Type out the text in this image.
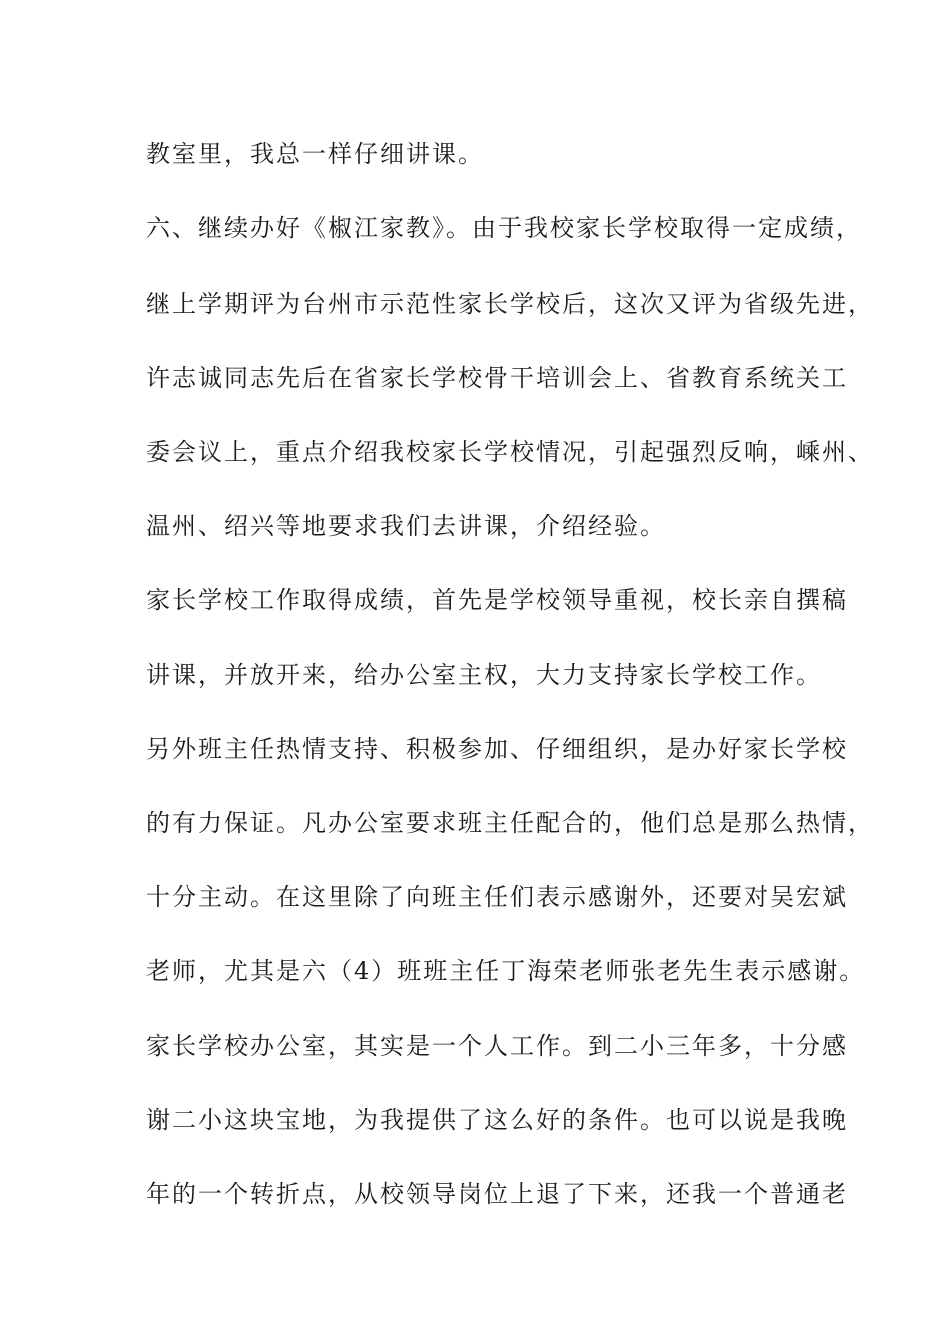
教室里，我总一样仔细讲课。
六、继续办好《椒江家教》。由于我校家长学校取得一定成绩，
继上学期评为台州市示范性家长学校后，这次又评为省级先进，
许志诚同志先后在省家长学校骨干培训会上、省教育系统关工
委会议上，重点介绍我校家长学校情况，引起强烈反响，嵊州、
温州、绍兴等地要求我们去讲课，介绍经验。
家长学校工作取得成绩，首先是学校领导重视，校长亲自撰稿
讲课，并放开来，给办公室主权，大力支持家长学校工作。
另外班主任热情支持、积极参加、仔细组织，是办好家长学校
的有力保证。凡办公室要求班主任配合的，他们总是那么热情，
十分主动。在这里除了向班主任们表示感谢外，还要对吴宏斌
老师，尤其是六（4）班班主任丁海荣老师张老先生表示感谢。
家长学校办公室，其实是一个人工作。到二小三年多，十分感
谢二小这块宝地，为我提供了这么好的条件。也可以说是我晚
年的一个转折点，从校领导岗位上退了下来，还我一个普通老
